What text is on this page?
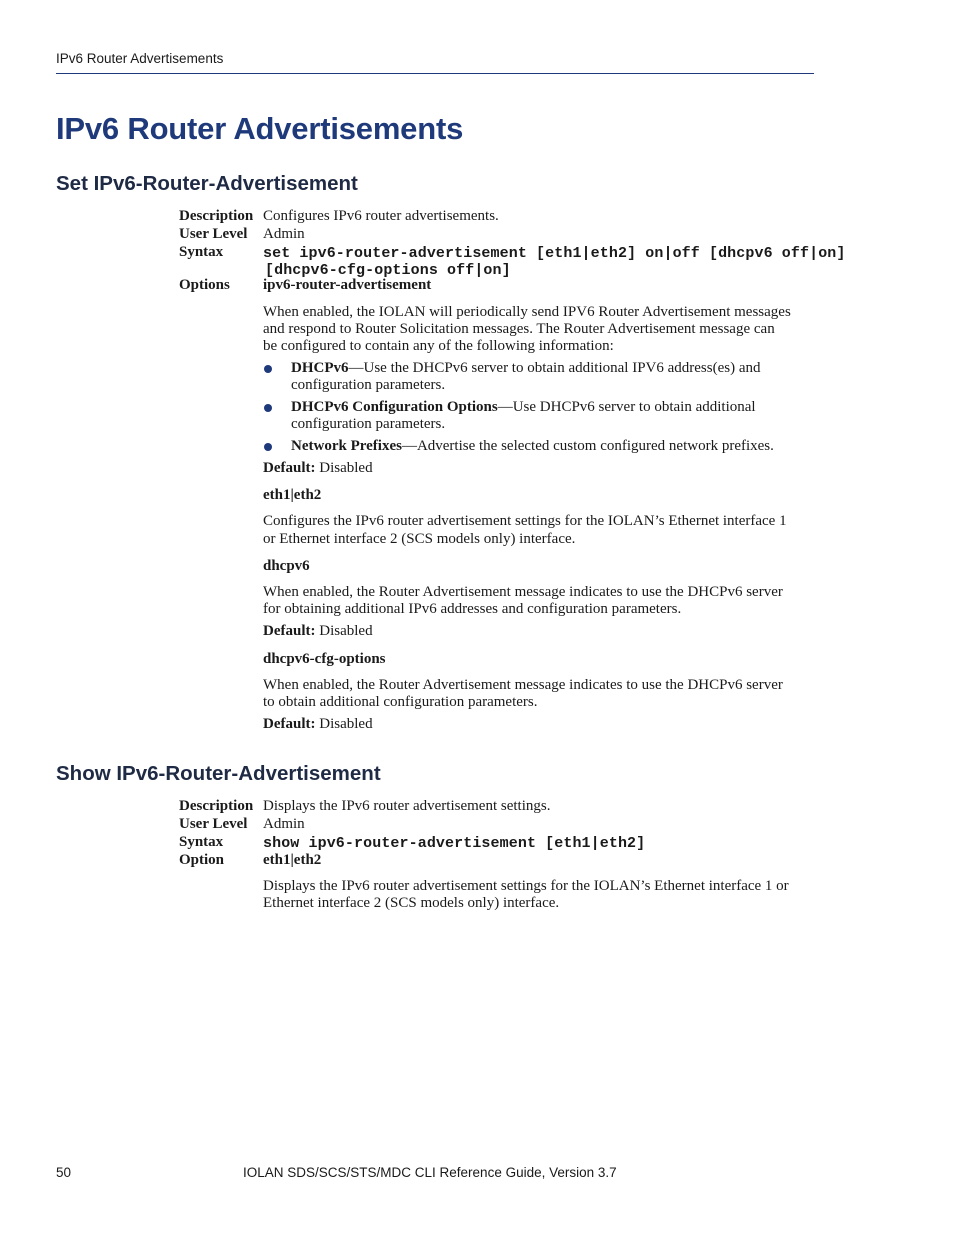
IPv6 Router Advertisements
IPv6 Router Advertisements
Set IPv6-Router-Advertisement
Description Configures IPv6 router advertisements.
User Level Admin
Syntax	set ipv6-router-advertisement [eth1|eth2] on|off [dhcpv6 off|on]
[dhcpv6-cfg-options off|on]
Options ipv6-router-advertisement
When enabled, the IOLAN will periodically send IPV6 Router Advertisement messages
and respond to Router Solicitation messages. The Router Advertisement message can
be configured to contain any of the following information:
DHCPv6—Use the DHCPv6 server to obtain additional IPV6 address(es) and
configuration parameters.
DHCPv6 Configuration Options—Use DHCPv6 server to obtain additional
configuration parameters.
Network Prefixes—Advertise the selected custom configured network prefixes.
Default: Disabled
eth1|eth2
Configures the IPv6 router advertisement settings for the IOLAN’s Ethernet interface 1
or Ethernet interface 2 (SCS models only) interface.
dhcpv6
When enabled, the Router Advertisement message indicates to use the DHCPv6 server
for obtaining additional IPv6 addresses and configuration parameters.
Default: Disabled
dhcpv6-cfg-options
When enabled, the Router Advertisement message indicates to use the DHCPv6 server
to obtain additional configuration parameters.
Default: Disabled
Show IPv6-Router-Advertisement
Description Displays the IPv6 router advertisement settings.
User Level Admin
Syntax	show ipv6-router-advertisement [eth1|eth2]
Option	eth1|eth2
Displays the IPv6 router advertisement settings for the IOLAN’s Ethernet interface 1 or
Ethernet interface 2 (SCS models only) interface.
50	IOLAN SDS/SCS/STS/MDC CLI Reference Guide, Version 3.7
